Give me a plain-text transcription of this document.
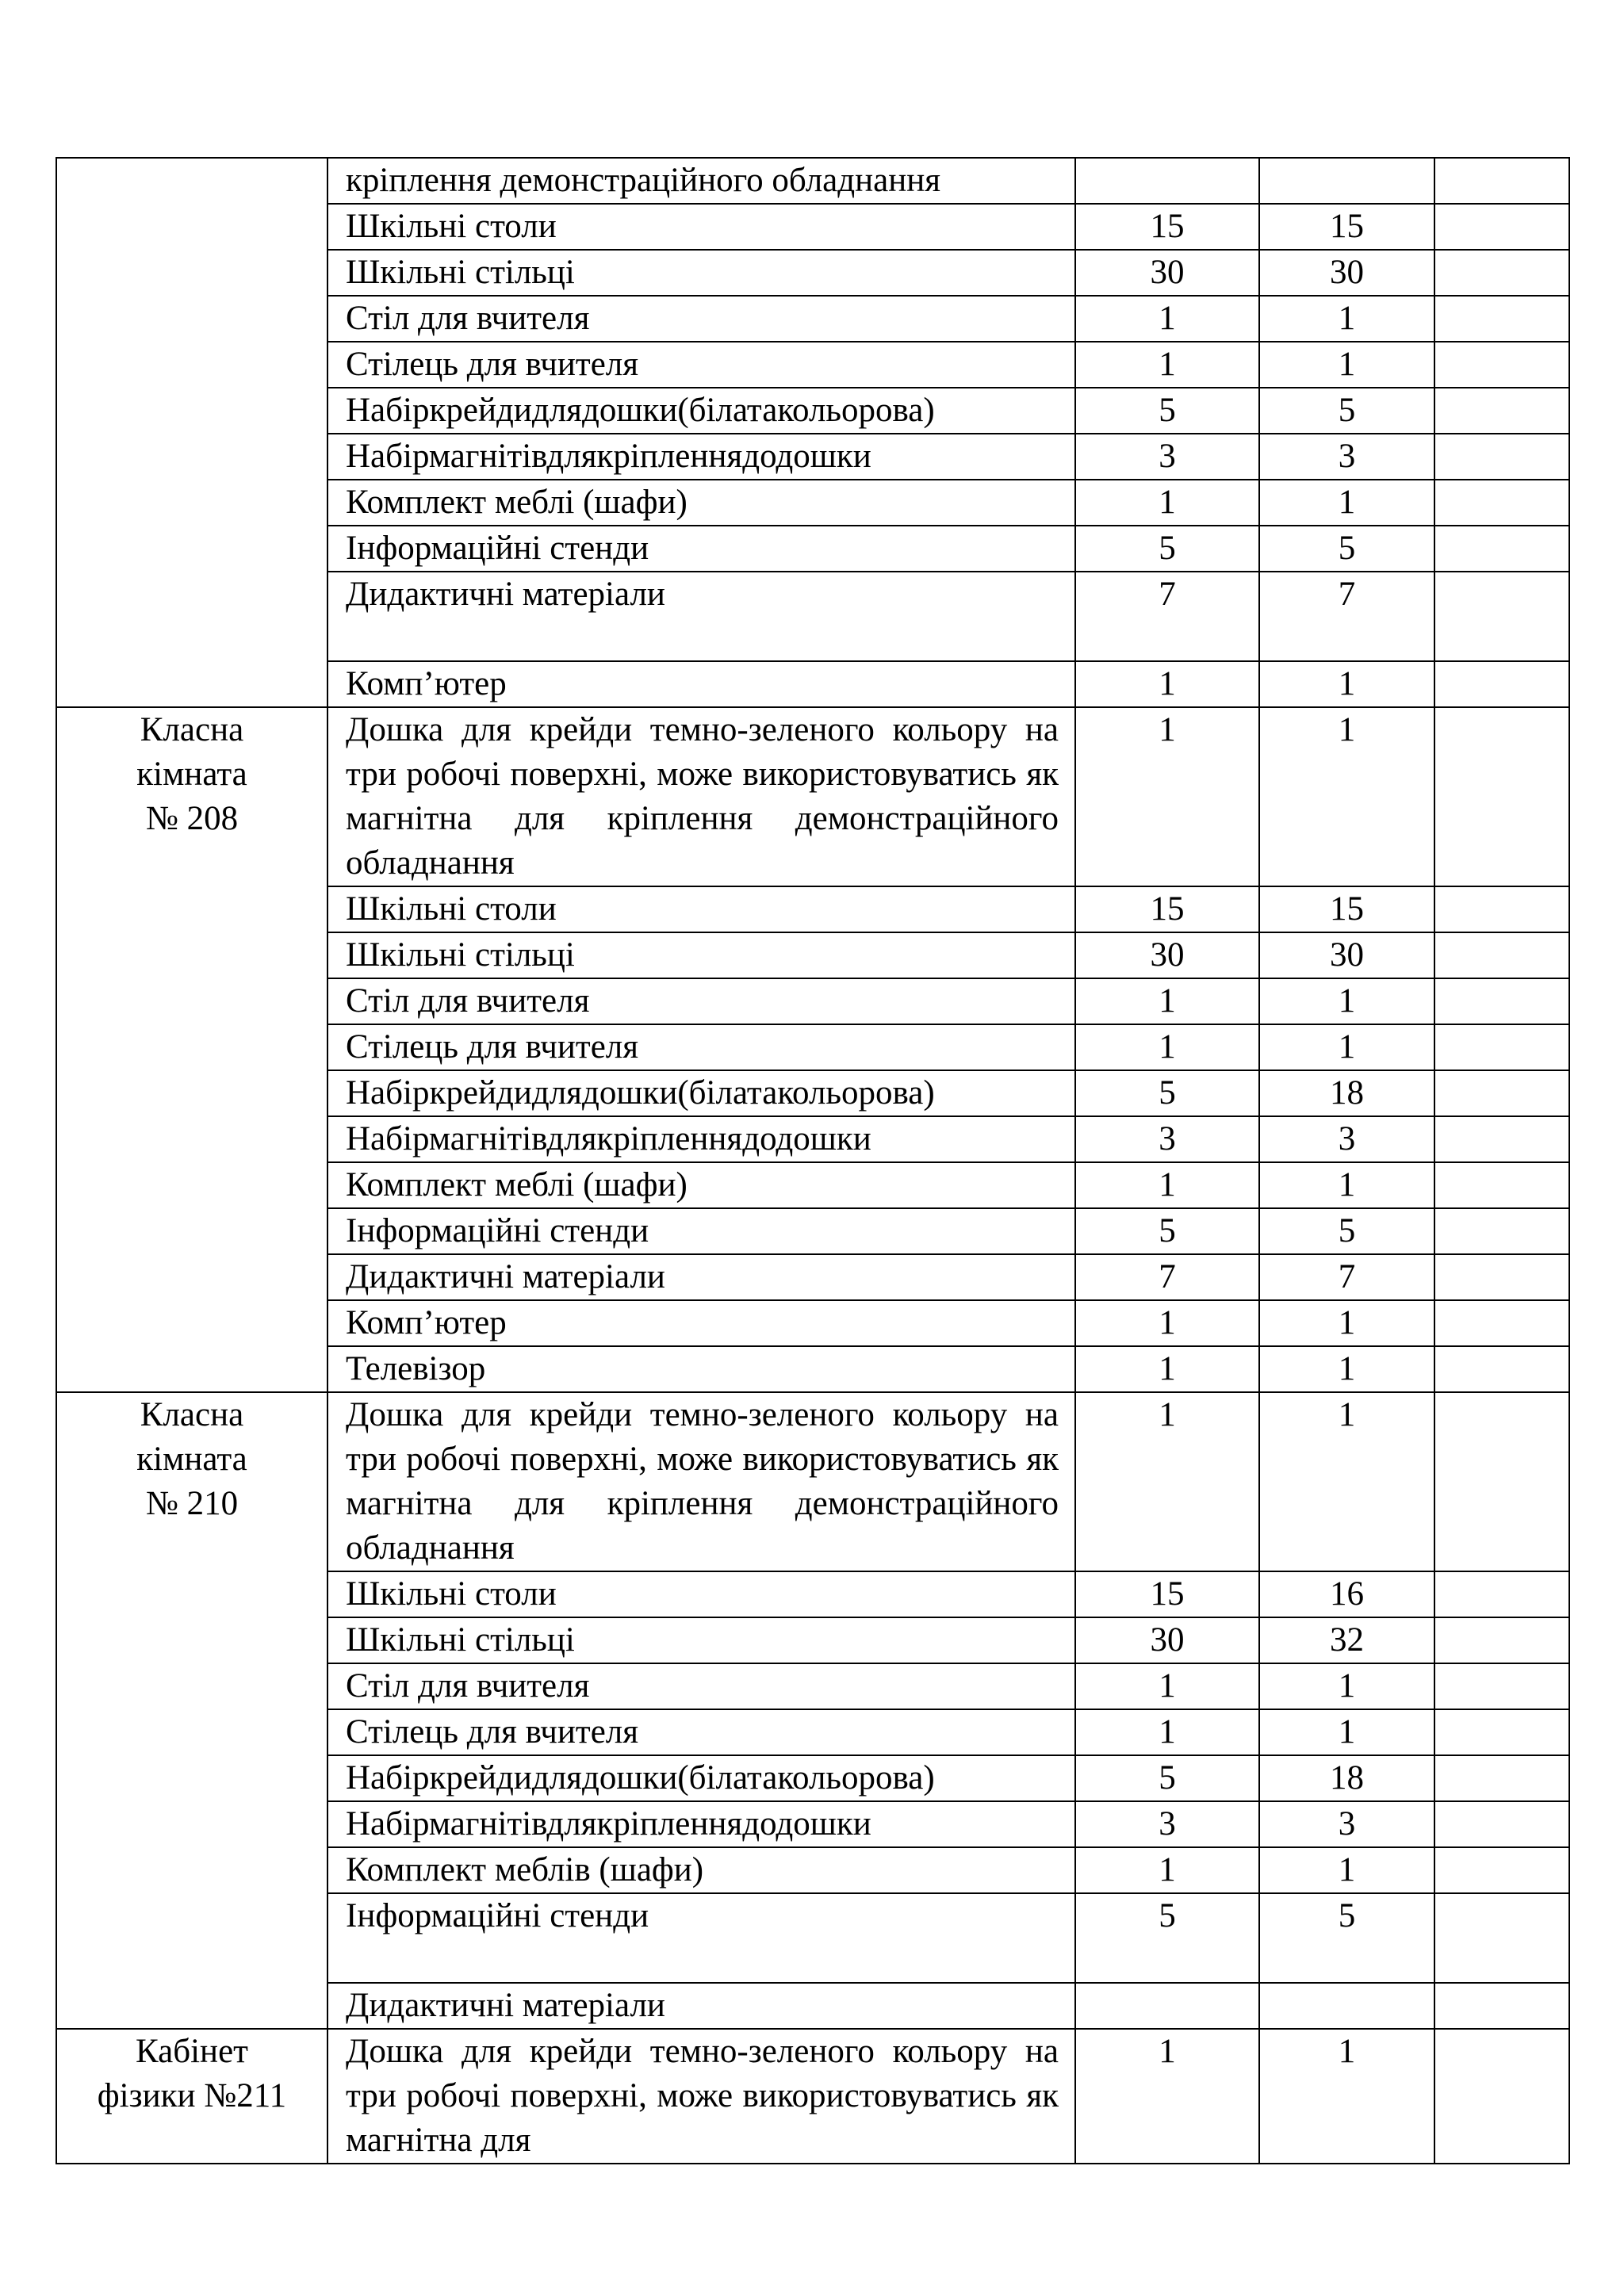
	кріплення демонстраційного обладнання			
	Шкільні столи	15	15	
	Шкільні стільці	30	30	
	Стіл для вчителя	1	1	
	Стілець для вчителя	1	1	
	Набіркрейдидлядошки(білатакольорова)	5	5	
	Набірмагнітівдлякріпленнядодошки	3	3	
	Комплект меблі (шафи)	1	1	
	Інформаційні стенди	5	5	
	Дидактичні матеріали	7	7	
	Комп’ютер	1	1	

Класна
кімната
№ 208	Дошка для крейди темно-зеленого кольору на три робочі поверхні, може використовуватись як магнітна для кріплення демонстраційного обладнання	1	1	
	Шкільні столи	15	15	
	Шкільні стільці	30	30	
	Стіл для вчителя	1	1	
	Стілець для вчителя	1	1	
	Набіркрейдидлядошки(білатакольорова)	5	18	
	Набірмагнітівдлякріпленнядодошки	3	3	
	Комплект меблі (шафи)	1	1	
	Інформаційні стенди	5	5	
	Дидактичні матеріали	7	7	
	Комп’ютер	1	1	
	Телевізор	1	1	

Класна
кімната
№ 210	Дошка для крейди темно-зеленого кольору на три робочі поверхні, може використовуватись як магнітна для кріплення демонстраційного обладнання	1	1	
	Шкільні столи	15	16	
	Шкільні стільці	30	32	
	Стіл для вчителя	1	1	
	Стілець для вчителя	1	1	
	Набіркрейдидлядошки(білатакольорова)	5	18	
	Набірмагнітівдлякріпленнядодошки	3	3	
	Комплект меблів (шафи)	1	1	
	Інформаційні стенди	5	5	
	Дидактичні матеріали			

Кабінет
фізики №211	Дошка для крейди темно-зеленого кольору на три робочі поверхні, може використовуватись як магнітна для	1	1	
